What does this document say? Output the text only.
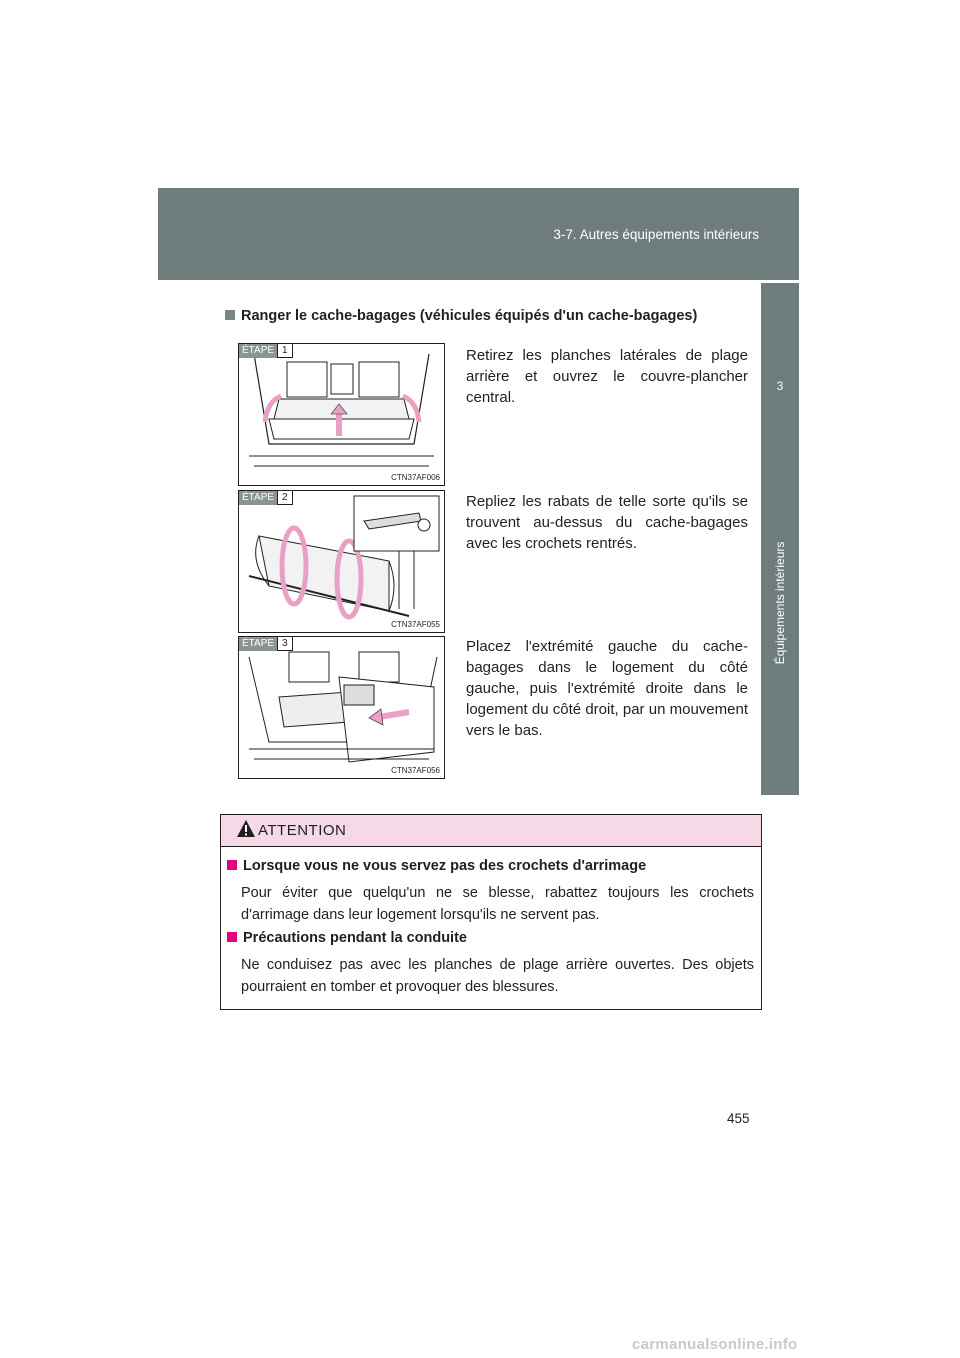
3-7. Autres équipements intérieurs
3
Équipements intérieurs
Ranger le cache-bagages (véhicules équipés d'un cache-bagages)
ÉTAPE 1
CTN37AF006
Retirez les planches latérales de plage arrière et ouvrez le couvre-plancher central.
ÉTAPE 2
CTN37AF055
Repliez les rabats de telle sorte qu'ils se trouvent au-dessus du cache-bagages avec les crochets rentrés.
ÉTAPE 3
CTN37AF056
Placez l'extrémité gauche du cache-bagages dans le logement du côté gauche, puis l'extrémité droite dans le logement du côté droit, par un mouvement vers le bas.
ATTENTION
Lorsque vous ne vous servez pas des crochets d'arrimage
Pour éviter que quelqu'un ne se blesse, rabattez toujours les crochets d'arrimage dans leur logement lorsqu'ils ne servent pas.
Précautions pendant la conduite
Ne conduisez pas avec les planches de plage arrière ouvertes. Des objets pourraient en tomber et provoquer des blessures.
455
carmanualsonline.info
